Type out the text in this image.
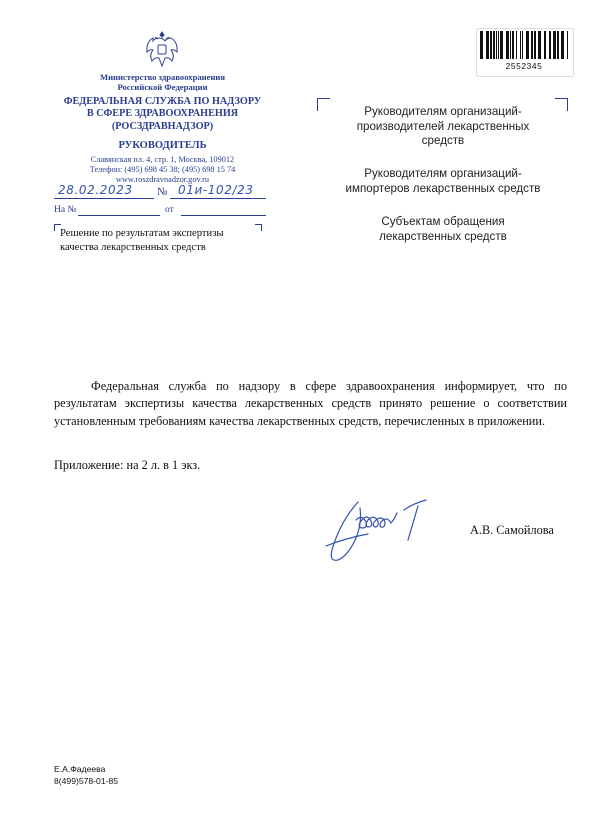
Министерство здравоохранения
Российской Федерации
ФЕДЕРАЛЬНАЯ СЛУЖБА ПО НАДЗОРУ
В СФЕРЕ ЗДРАВООХРАНЕНИЯ
(РОСЗДРАВНАДЗОР)
РУКОВОДИТЕЛЬ
Славянская пл. 4, стр. 1, Москва, 109012
Телефон: (495) 698 45 38; (495) 698 15 74
www.roszdravnadzor.gov.ru
28.02.2023 № 01и-102/23
На №	от
Решение по результатам экспертизы
качества лекарственных средств
2552345
Руководителям организаций-
производителей лекарственных
средств
Руководителям организаций-
импортеров лекарственных средств
Субъектам обращения
лекарственных средств

Федеральная служба по надзору в сфере здравоохранения информирует, что по результатам экспертизы качества лекарственных средств принято решение о соответствии установленным требованиям качества лекарственных средств, перечисленных в приложении.

Приложение: на 2 л. в 1 экз.
А.В. Самойлова
Е.А.Фадеева
8(499)578-01-85
